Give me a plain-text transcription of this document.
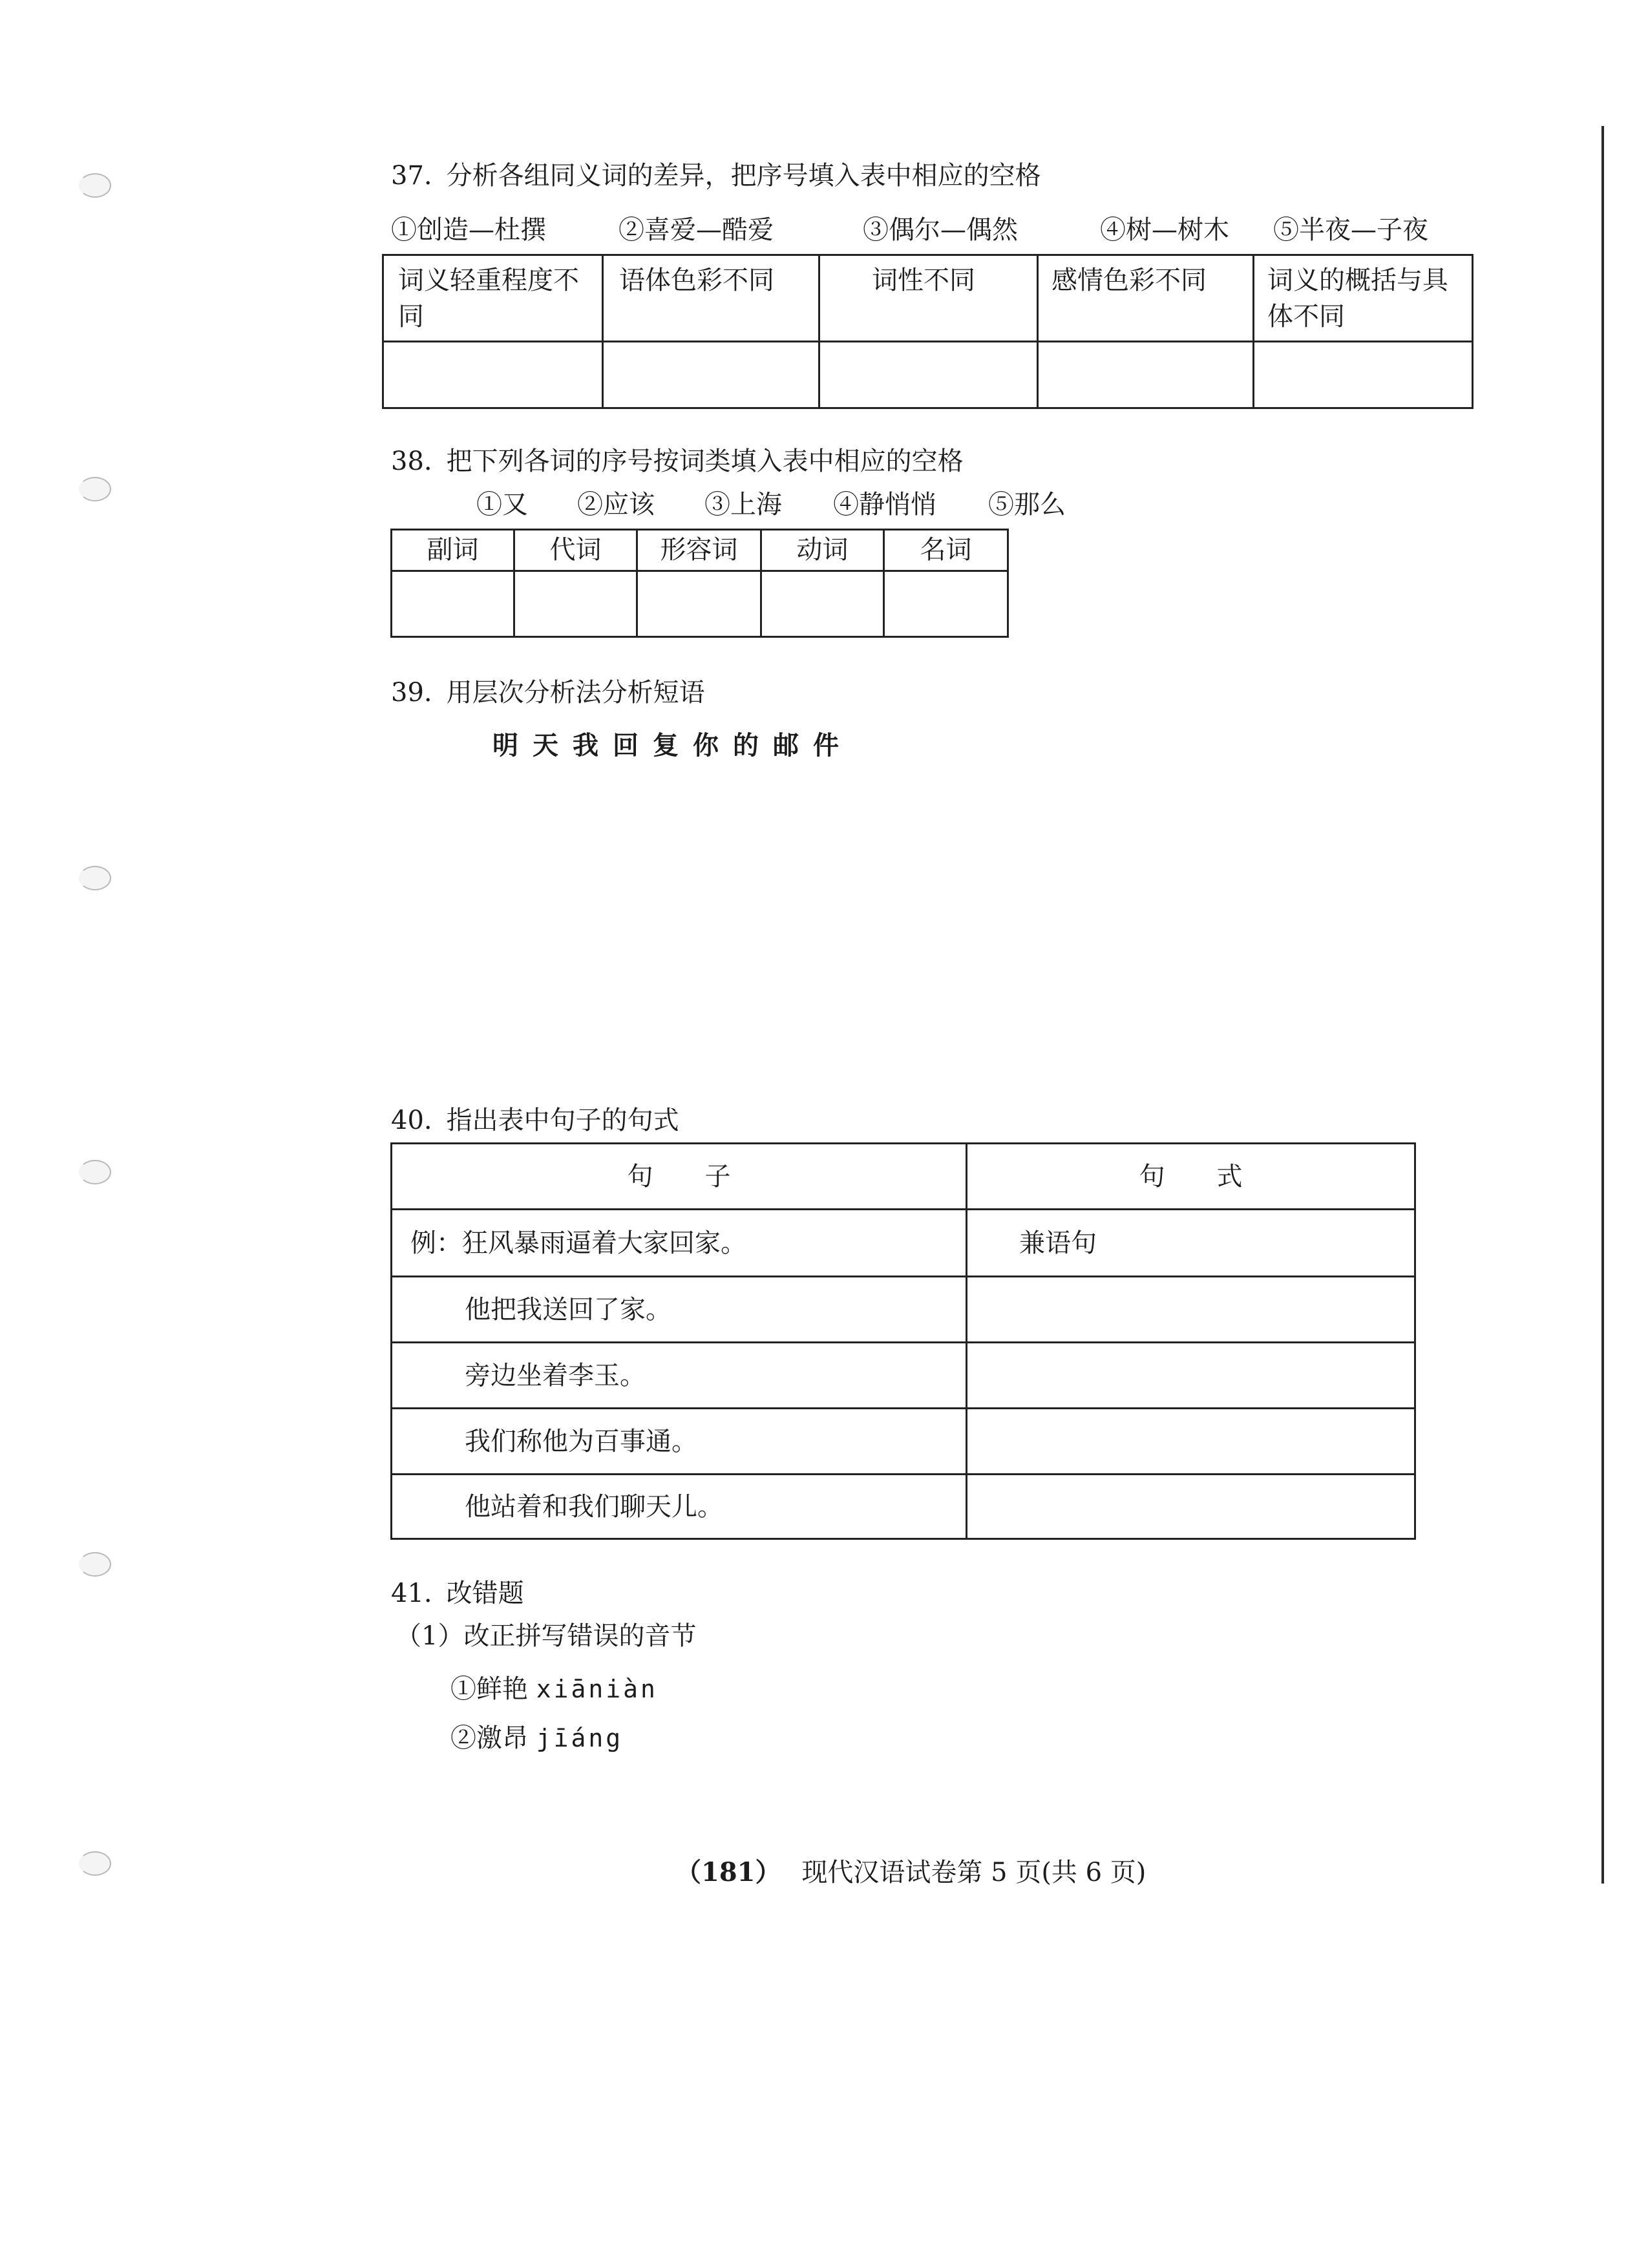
37. 分析各组同义词的差异，把序号填入表中相应的空格
①创造—杜撰	②喜爱—酷爱	③偶尔—偶然	④树—树木 ⑤半夜—子夜
词义轻重程度不同	语体色彩不同	词性不同	感情色彩不同	词义的概括与具体不同

38. 把下列各词的序号按词类填入表中相应的空格
①又 ②应该 ③上海 ④静悄悄 ⑤那么
副词	代词	形容词	动词	名词

39. 用层次分析法分析短语
明天我回复你的邮件
40. 指出表中句子的句式
句　　子	句　　式
例：狂风暴雨逼着大家回家。	兼语句
他把我送回了家。	
旁边坐着李玉。	
我们称他为百事通。	
他站着和我们聊天儿。	
41. 改错题
（1）改正拼写错误的音节
①鲜艳 xiāniàn
②激昂 jīáng
（181） 现代汉语试卷第 5 页(共 6 页)
